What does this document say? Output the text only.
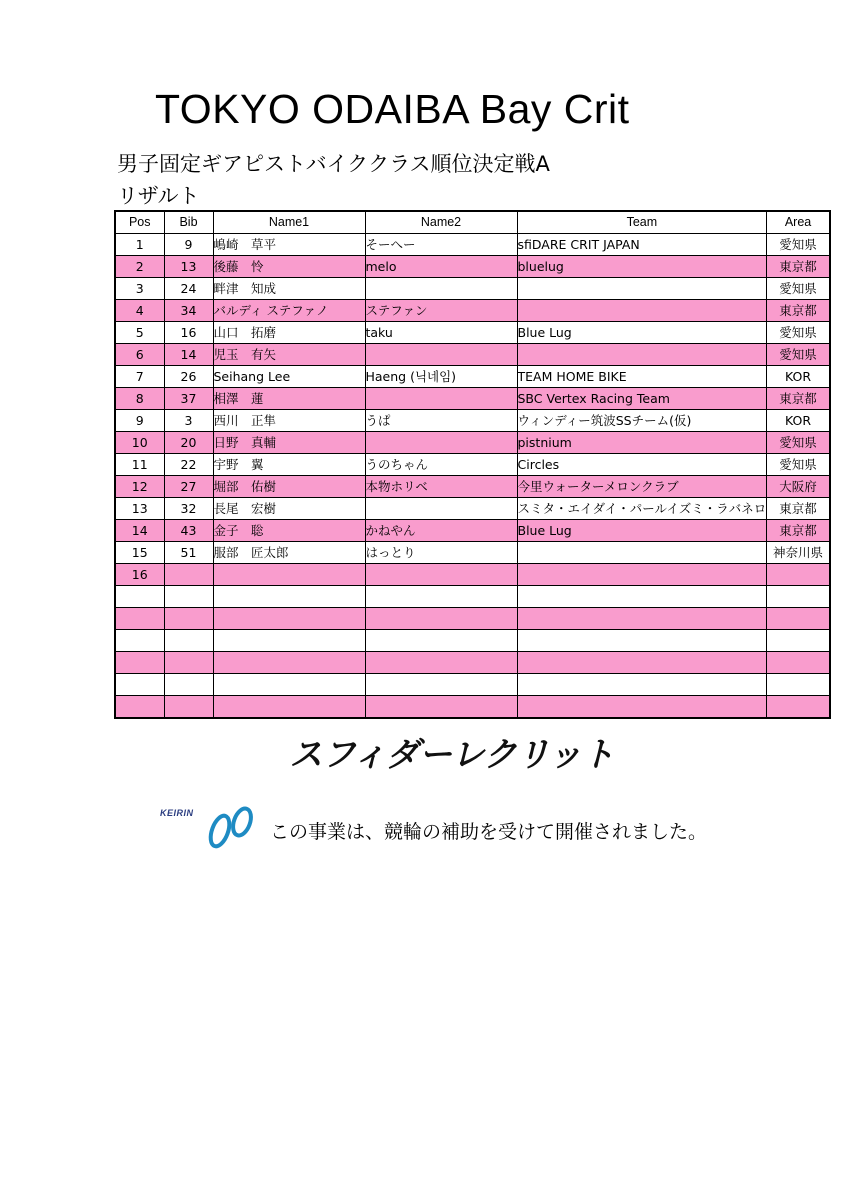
TOKYO ODAIBA Bay Crit
男子固定ギアピストバイククラス順位決定戦A
リザルト
Pos	Bib	Name1	Name2	Team	Area
1	9	嶋崎　草平	そーへー	sfiDARE CRIT JAPAN	愛知県
2	13	後藤　怜	melo	bluelug	東京都
3	24	畔津　知成			愛知県
4	34	バルディ ステファノ	ステファン		東京都
5	16	山口　拓磨	taku	Blue Lug	愛知県
6	14	児玉　有矢			愛知県
7	26	Seihang Lee	Haeng (닉네임)	TEAM HOME BIKE	KOR
8	37	相澤　蓮		SBC Vertex Racing Team	東京都
9	3	西川　正隼	うぱ	ウィンディー筑波SSチーム(仮)	KOR
10	20	日野　真輔		pistnium	愛知県
11	22	宇野　翼	うのちゃん	Circles	愛知県
12	27	堀部　佑樹	本物ホリベ	今里ウォーターメロンクラブ	大阪府
13	32	長尾　宏樹		スミタ・エイダイ・パールイズミ・ラバネロ	東京都
14	43	金子　聡	かねやん	Blue Lug	東京都
15	51	服部　匠太郎	はっとり		神奈川県
16					

スフィダーレクリット
KEIRIN
この事業は、競輪の補助を受けて開催されました。
